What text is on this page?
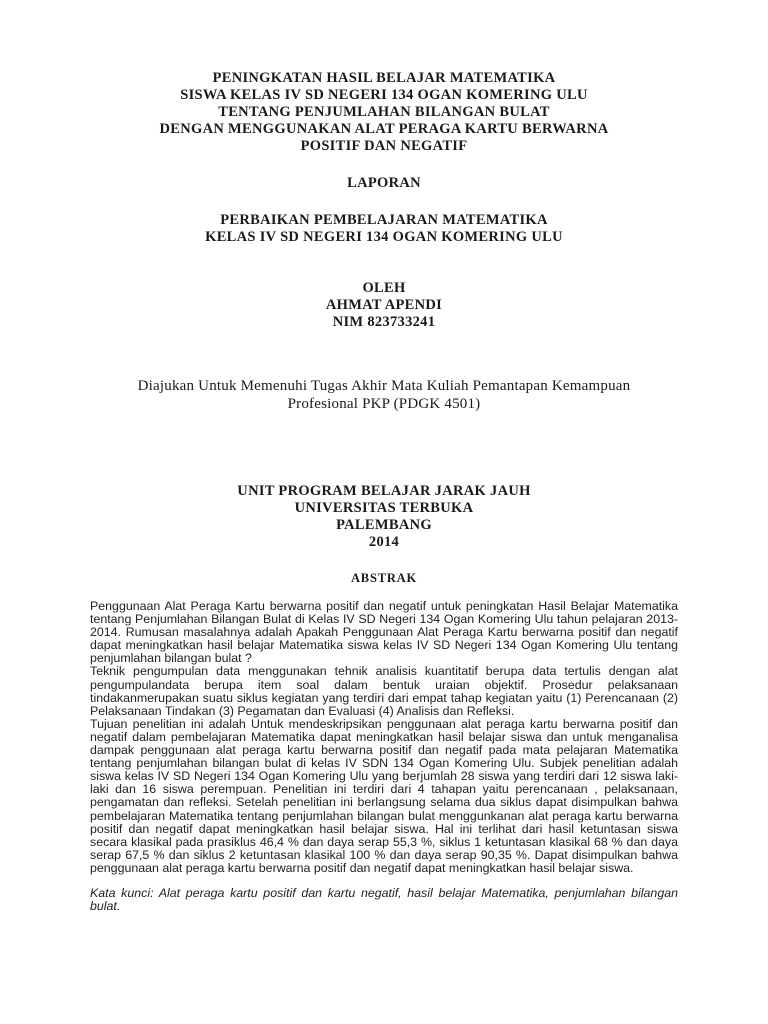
PENINGKATAN HASIL BELAJAR MATEMATIKA
SISWA KELAS IV SD NEGERI 134 OGAN KOMERING ULU
TENTANG PENJUMLAHAN BILANGAN BULAT
DENGAN MENGGUNAKAN ALAT PERAGA KARTU BERWARNA
POSITIF DAN NEGATIF
LAPORAN
PERBAIKAN PEMBELAJARAN MATEMATIKA
KELAS IV SD NEGERI 134 OGAN KOMERING ULU
OLEH
AHMAT APENDI
NIM 823733241
Diajukan Untuk Memenuhi Tugas Akhir Mata Kuliah Pemantapan Kemampuan
Profesional PKP (PDGK 4501)
UNIT PROGRAM BELAJAR JARAK JAUH
UNIVERSITAS TERBUKA
PALEMBANG
2014
ABSTRAK

Penggunaan Alat Peraga Kartu berwarna positif dan negatif untuk peningkatan Hasil Belajar Matematika tentang Penjumlahan Bilangan Bulat di Kelas IV SD Negeri 134 Ogan Komering Ulu tahun pelajaran 2013-2014. Rumusan masalahnya adalah Apakah Penggunaan Alat Peraga Kartu berwarna positif dan negatif dapat meningkatkan hasil belajar Matematika siswa kelas IV SD Negeri 134 Ogan Komering Ulu tentang penjumlahan bilangan bulat ?

Teknik pengumpulan data menggunakan tehnik analisis kuantitatif berupa data tertulis dengan alat pengumpulandata berupa item soal dalam bentuk uraian objektif. Prosedur pelaksanaan tindakanmerupakan suatu siklus kegiatan yang terdiri dari empat tahap kegiatan yaitu (1) Perencanaan (2) Pelaksanaan Tindakan (3) Pegamatan dan Evaluasi (4) Analisis dan Refleksi.

Tujuan penelitian ini adalah Untuk mendeskripsikan penggunaan alat peraga kartu berwarna positif dan negatif dalam pembelajaran Matematika dapat meningkatkan hasil belajar siswa dan untuk menganalisa dampak penggunaan alat peraga kartu berwarna positif dan negatif pada mata pelajaran Matematika tentang penjumlahan bilangan bulat di kelas IV SDN 134 Ogan Komering Ulu. Subjek penelitian adalah siswa kelas IV SD Negeri 134 Ogan Komering Ulu yang berjumlah 28 siswa yang terdiri dari 12 siswa laki-laki dan 16 siswa perempuan. Penelitian ini terdiri dari 4 tahapan yaitu perencanaan , pelaksanaan, pengamatan dan refleksi. Setelah penelitian ini berlangsung selama dua siklus dapat disimpulkan bahwa pembelajaran Matematika tentang penjumlahan bilangan bulat menggunkanan alat peraga kartu berwarna positif dan negatif dapat meningkatkan hasil belajar siswa. Hal ini terlihat dari hasil ketuntasan siswa secara klasikal pada prasiklus 46,4 % dan daya serap 55,3 %, siklus 1 ketuntasan klasikal 68 % dan daya serap 67,5 % dan siklus 2 ketuntasan klasikal 100 % dan daya serap 90,35 %. Dapat disimpulkan bahwa penggunaan alat peraga kartu berwarna positif dan negatif dapat meningkatkan hasil belajar siswa.

Kata kunci: Alat peraga kartu positif dan kartu negatif, hasil belajar Matematika, penjumlahan bilangan bulat.
